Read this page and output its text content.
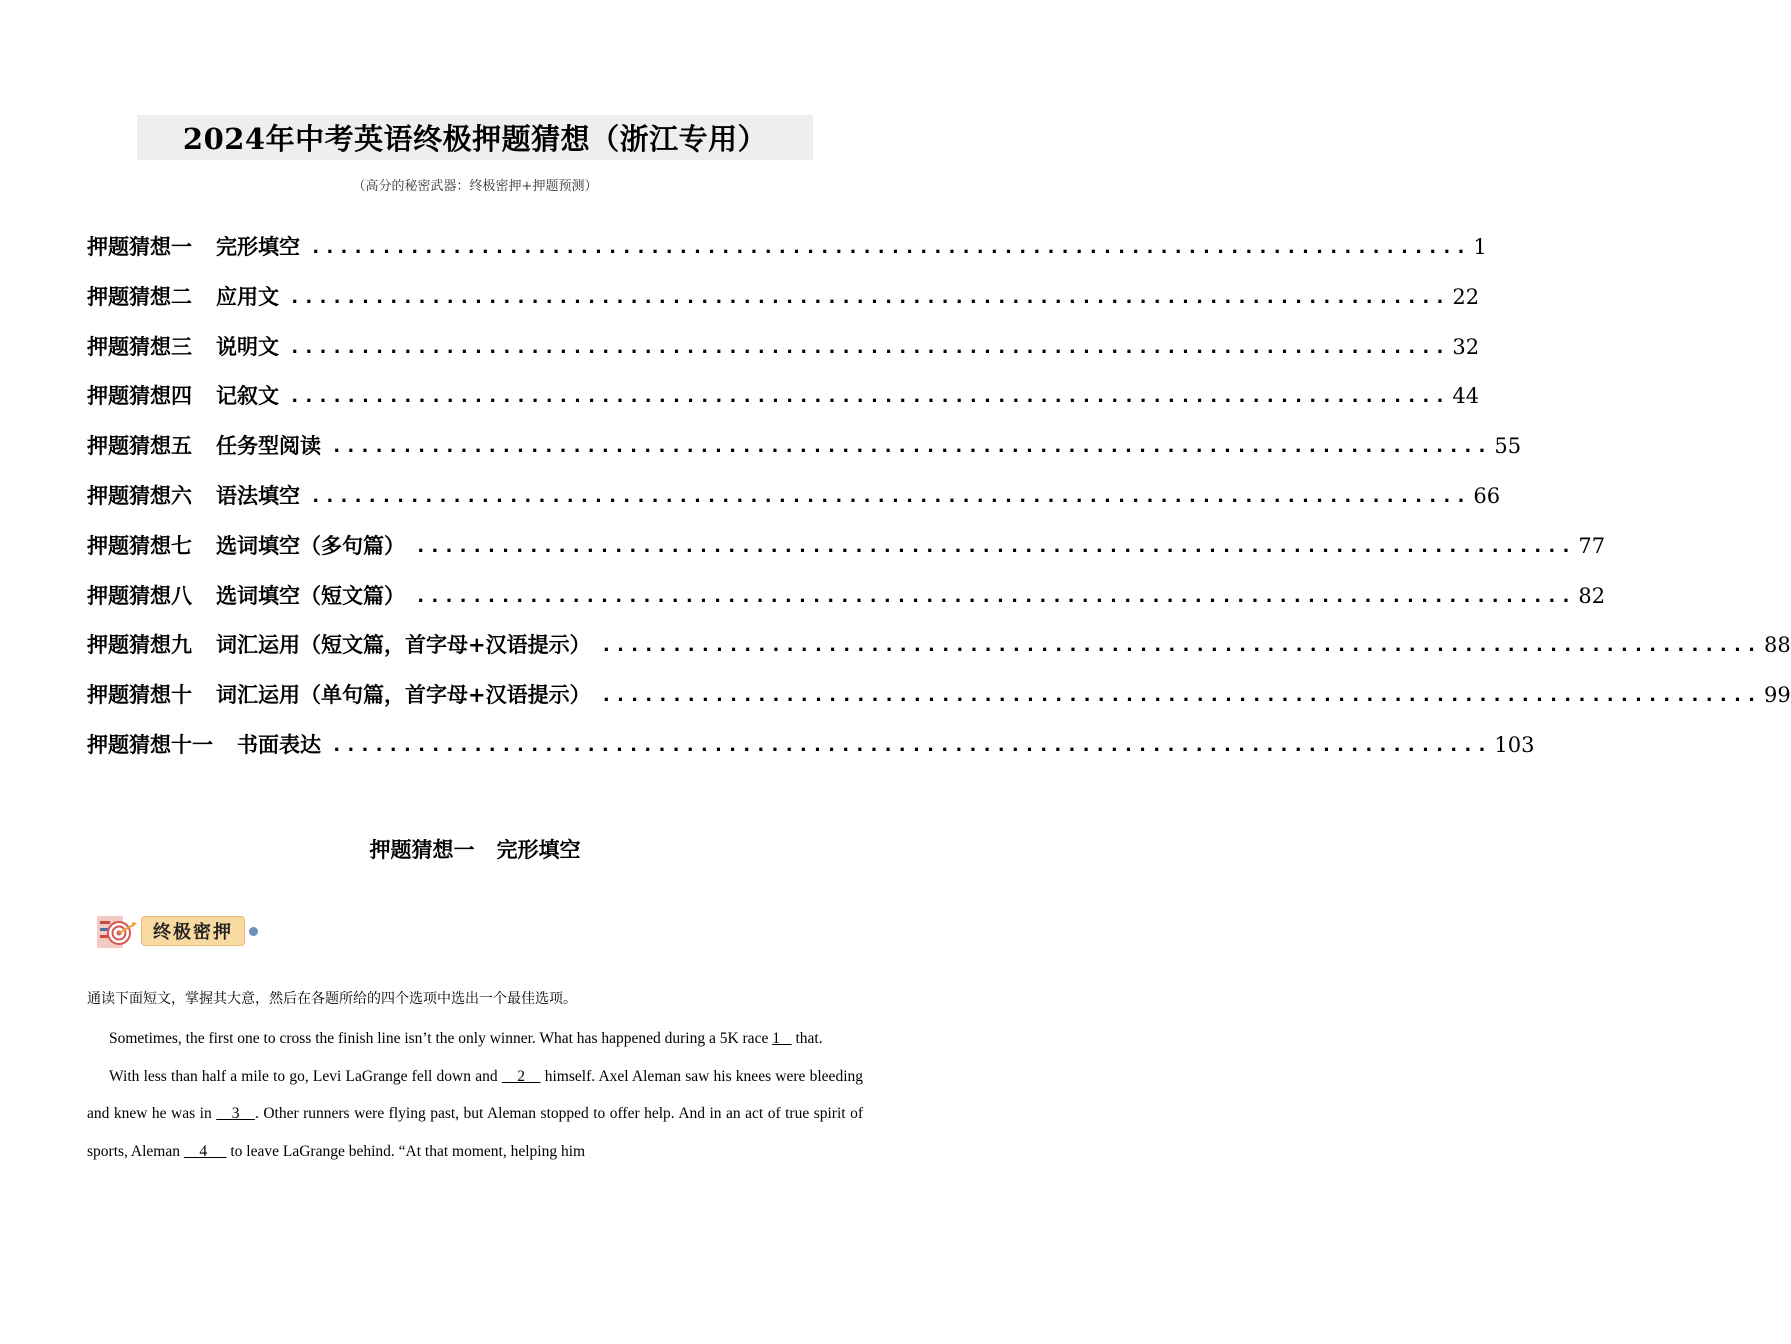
2024年中考英语终极押题猜想（浙江专用）
（高分的秘密武器：终极密押+押题预测）
押题猜想一 完形填空 .................................................................................. 1
押题猜想二 应用文 .................................................................................. 22
押题猜想三 说明文 .................................................................................. 32
押题猜想四 记叙文 .................................................................................. 44
押题猜想五 任务型阅读 .................................................................................. 55
押题猜想六 语法填空 .................................................................................. 66
押题猜想七 选词填空（多句篇） .................................................................................. 77
押题猜想八 选词填空（短文篇） .................................................................................. 82
押题猜想九 词汇运用（短文篇，首字母+汉语提示） .................................................................................. 88
押题猜想十 词汇运用（单句篇，首字母+汉语提示） .................................................................................. 99
押题猜想十一 书面表达 .................................................................................. 103
押题猜想一   完形填空
终极密押
通读下面短文，掌握其大意，然后在各题所给的四个选项中选出一个最佳选项。

Sometimes, the first one to cross the finish line isn’t the only winner. What has happened during a 5K race 1    that.

With less than half a mile to go, Levi LaGrange fell down and     2     himself. Axel Aleman saw his knees were bleeding and knew he was in     3    . Other runners were flying past, but Aleman stopped to offer help. And in an act of true spirit of sports, Aleman     4      to leave LaGrange behind. “At that moment, helping him
